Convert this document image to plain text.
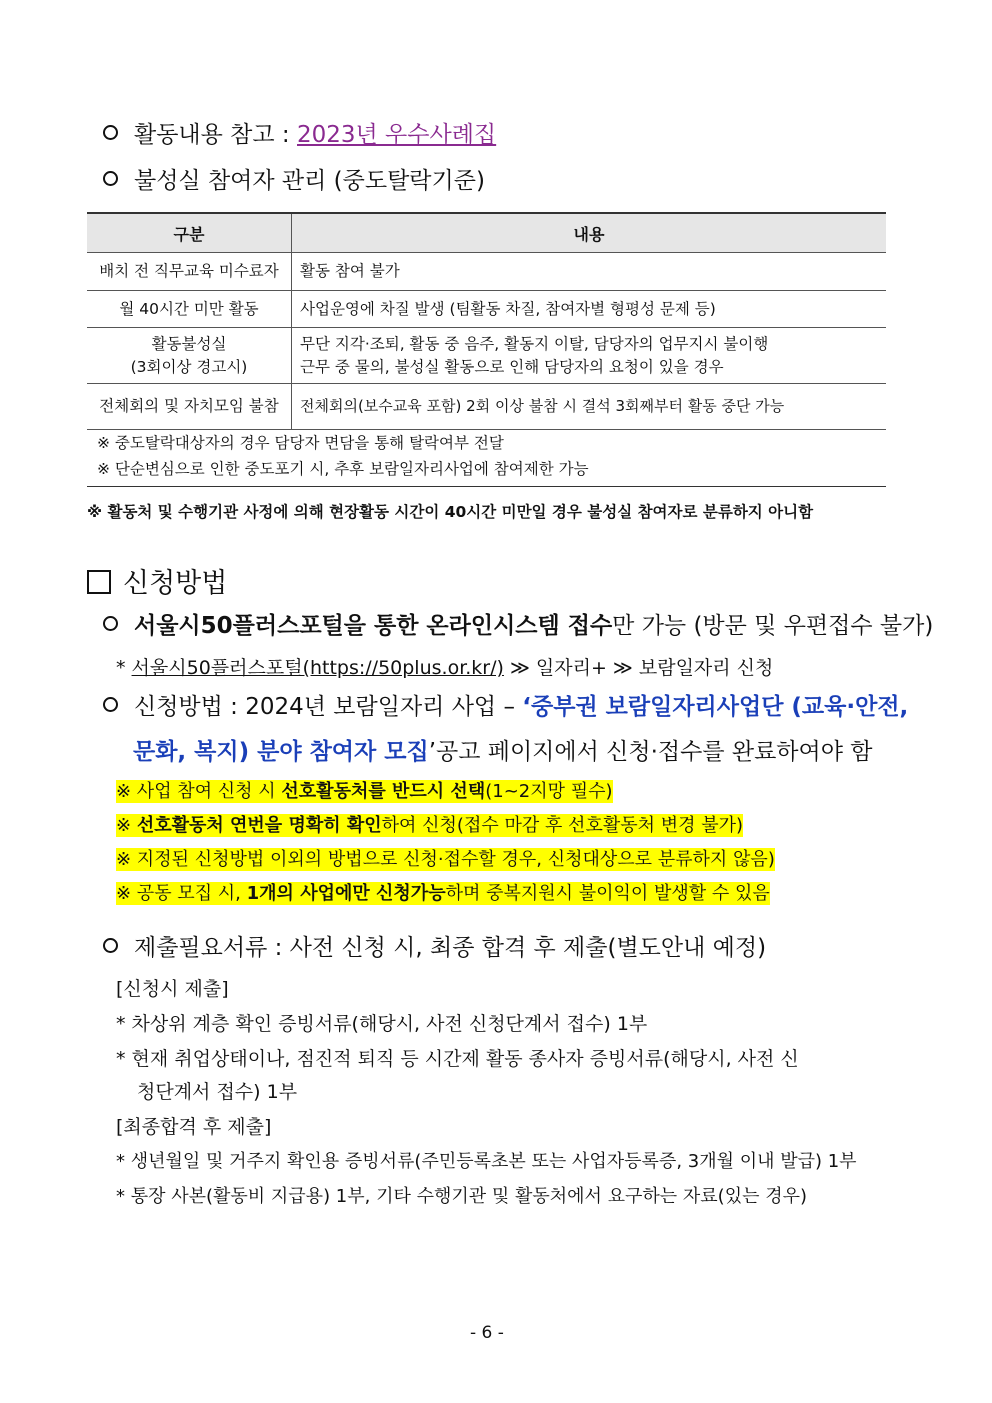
활동내용 참고 : 2023년 우수사례집
불성실 참여자 관리 (중도탈락기준)
구분	내용
배치 전 직무교육 미수료자	활동 참여 불가
월 40시간 미만 활동	사업운영에 차질 발생 (팀활동 차질, 참여자별 형평성 문제 등)
활동불성실
(3회이상 경고시)	무단 지각·조퇴, 활동 중 음주, 활동지 이탈, 담당자의 업무지시 불이행
근무 중 물의, 불성실 활동으로 인해 담당자의 요청이 있을 경우
전체회의 및 자치모임 불참	전체회의(보수교육 포함) 2회 이상 불참 시 결석 3회째부터 활동 중단 가능
※ 중도탈락대상자의 경우 담당자 면담을 통해 탈락여부 전달
※ 단순변심으로 인한 중도포기 시, 추후 보람일자리사업에 참여제한 가능
※ 활동처 및 수행기관 사정에 의해 현장활동 시간이 40시간 미만일 경우 불성실 참여자로 분류하지 아니함
신청방법
서울시50플러스포털을 통한 온라인시스템 접수만 가능 (방문 및 우편접수 불가)
* 서울시50플러스포털(https://50plus.or.kr/) ≫ 일자리+ ≫ 보람일자리 신청
신청방법 : 2024년 보람일자리 사업 – ‘중부권 보람일자리사업단 (교육·안전,
문화, 복지) 분야 참여자 모집’공고 페이지에서 신청·접수를 완료하여야 함
※ 사업 참여 신청 시 선호활동처를 반드시 선택(1~2지망 필수)
※ 선호활동처 연번을 명확히 확인하여 신청(접수 마감 후 선호활동처 변경 불가)
※ 지정된 신청방법 이외의 방법으로 신청·접수할 경우, 신청대상으로 분류하지 않음)
※ 공동 모집 시, 1개의 사업에만 신청가능하며 중복지원시 불이익이 발생할 수 있음
제출필요서류 : 사전 신청 시, 최종 합격 후 제출(별도안내 예정)
[신청시 제출]
* 차상위 계층 확인 증빙서류(해당시, 사전 신청단계서 접수) 1부
* 현재 취업상태이나, 점진적 퇴직 등 시간제 활동 종사자 증빙서류(해당시, 사전 신
청단계서 접수) 1부
[최종합격 후 제출]
* 생년월일 및 거주지 확인용 증빙서류(주민등록초본 또는 사업자등록증, 3개월 이내 발급) 1부
* 통장 사본(활동비 지급용) 1부, 기타 수행기관 및 활동처에서 요구하는 자료(있는 경우)
- 6 -
